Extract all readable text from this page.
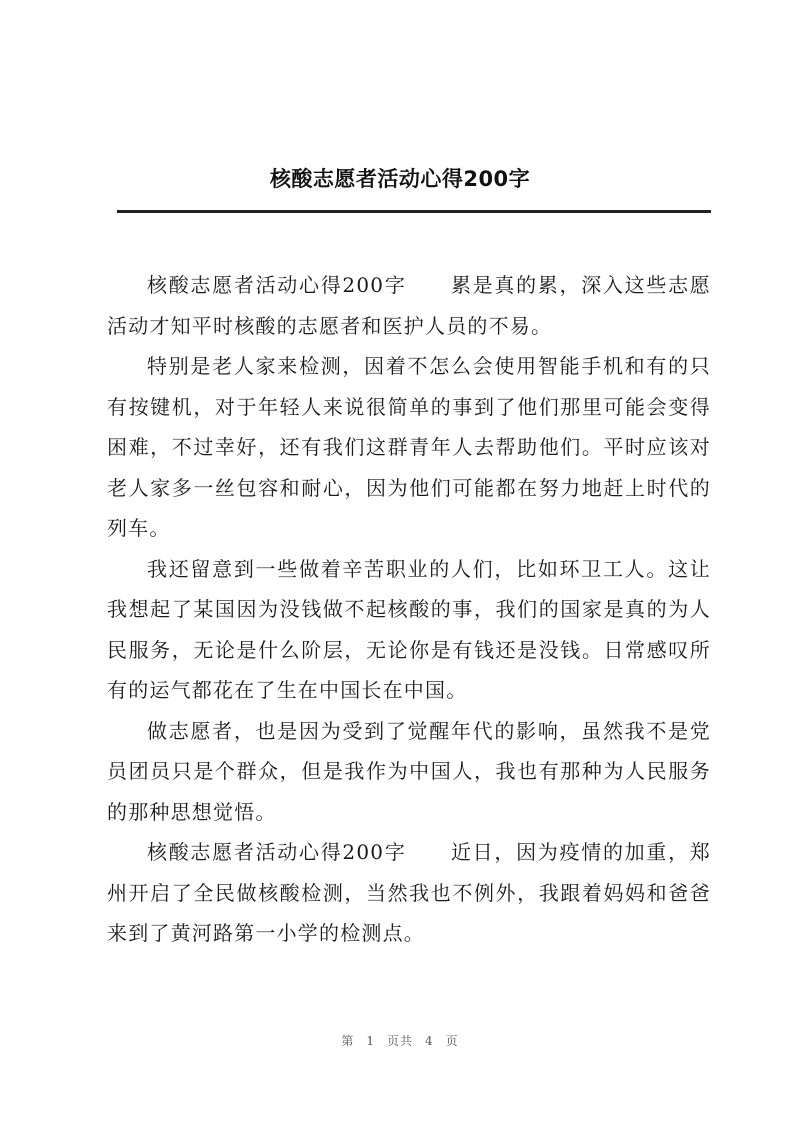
核酸志愿者活动心得200字

核酸志愿者活动心得200字 累是真的累，深入这些志愿活动才知平时核酸的志愿者和医护人员的不易。

特别是老人家来检测，因着不怎么会使用智能手机和有的只有按键机，对于年轻人来说很简单的事到了他们那里可能会变得困难，不过幸好，还有我们这群青年人去帮助他们。平时应该对老人家多一丝包容和耐心，因为他们可能都在努力地赶上时代的列车。

我还留意到一些做着辛苦职业的人们，比如环卫工人。这让我想起了某国因为没钱做不起核酸的事，我们的国家是真的为人民服务，无论是什么阶层，无论你是有钱还是没钱。日常感叹所有的运气都花在了生在中国长在中国。

做志愿者，也是因为受到了觉醒年代的影响，虽然我不是党员团员只是个群众，但是我作为中国人，我也有那种为人民服务的那种思想觉悟。

核酸志愿者活动心得200字 近日，因为疫情的加重，郑州开启了全民做核酸检测，当然我也不例外，我跟着妈妈和爸爸来到了黄河路第一小学的检测点。

第 1 页共 4 页
